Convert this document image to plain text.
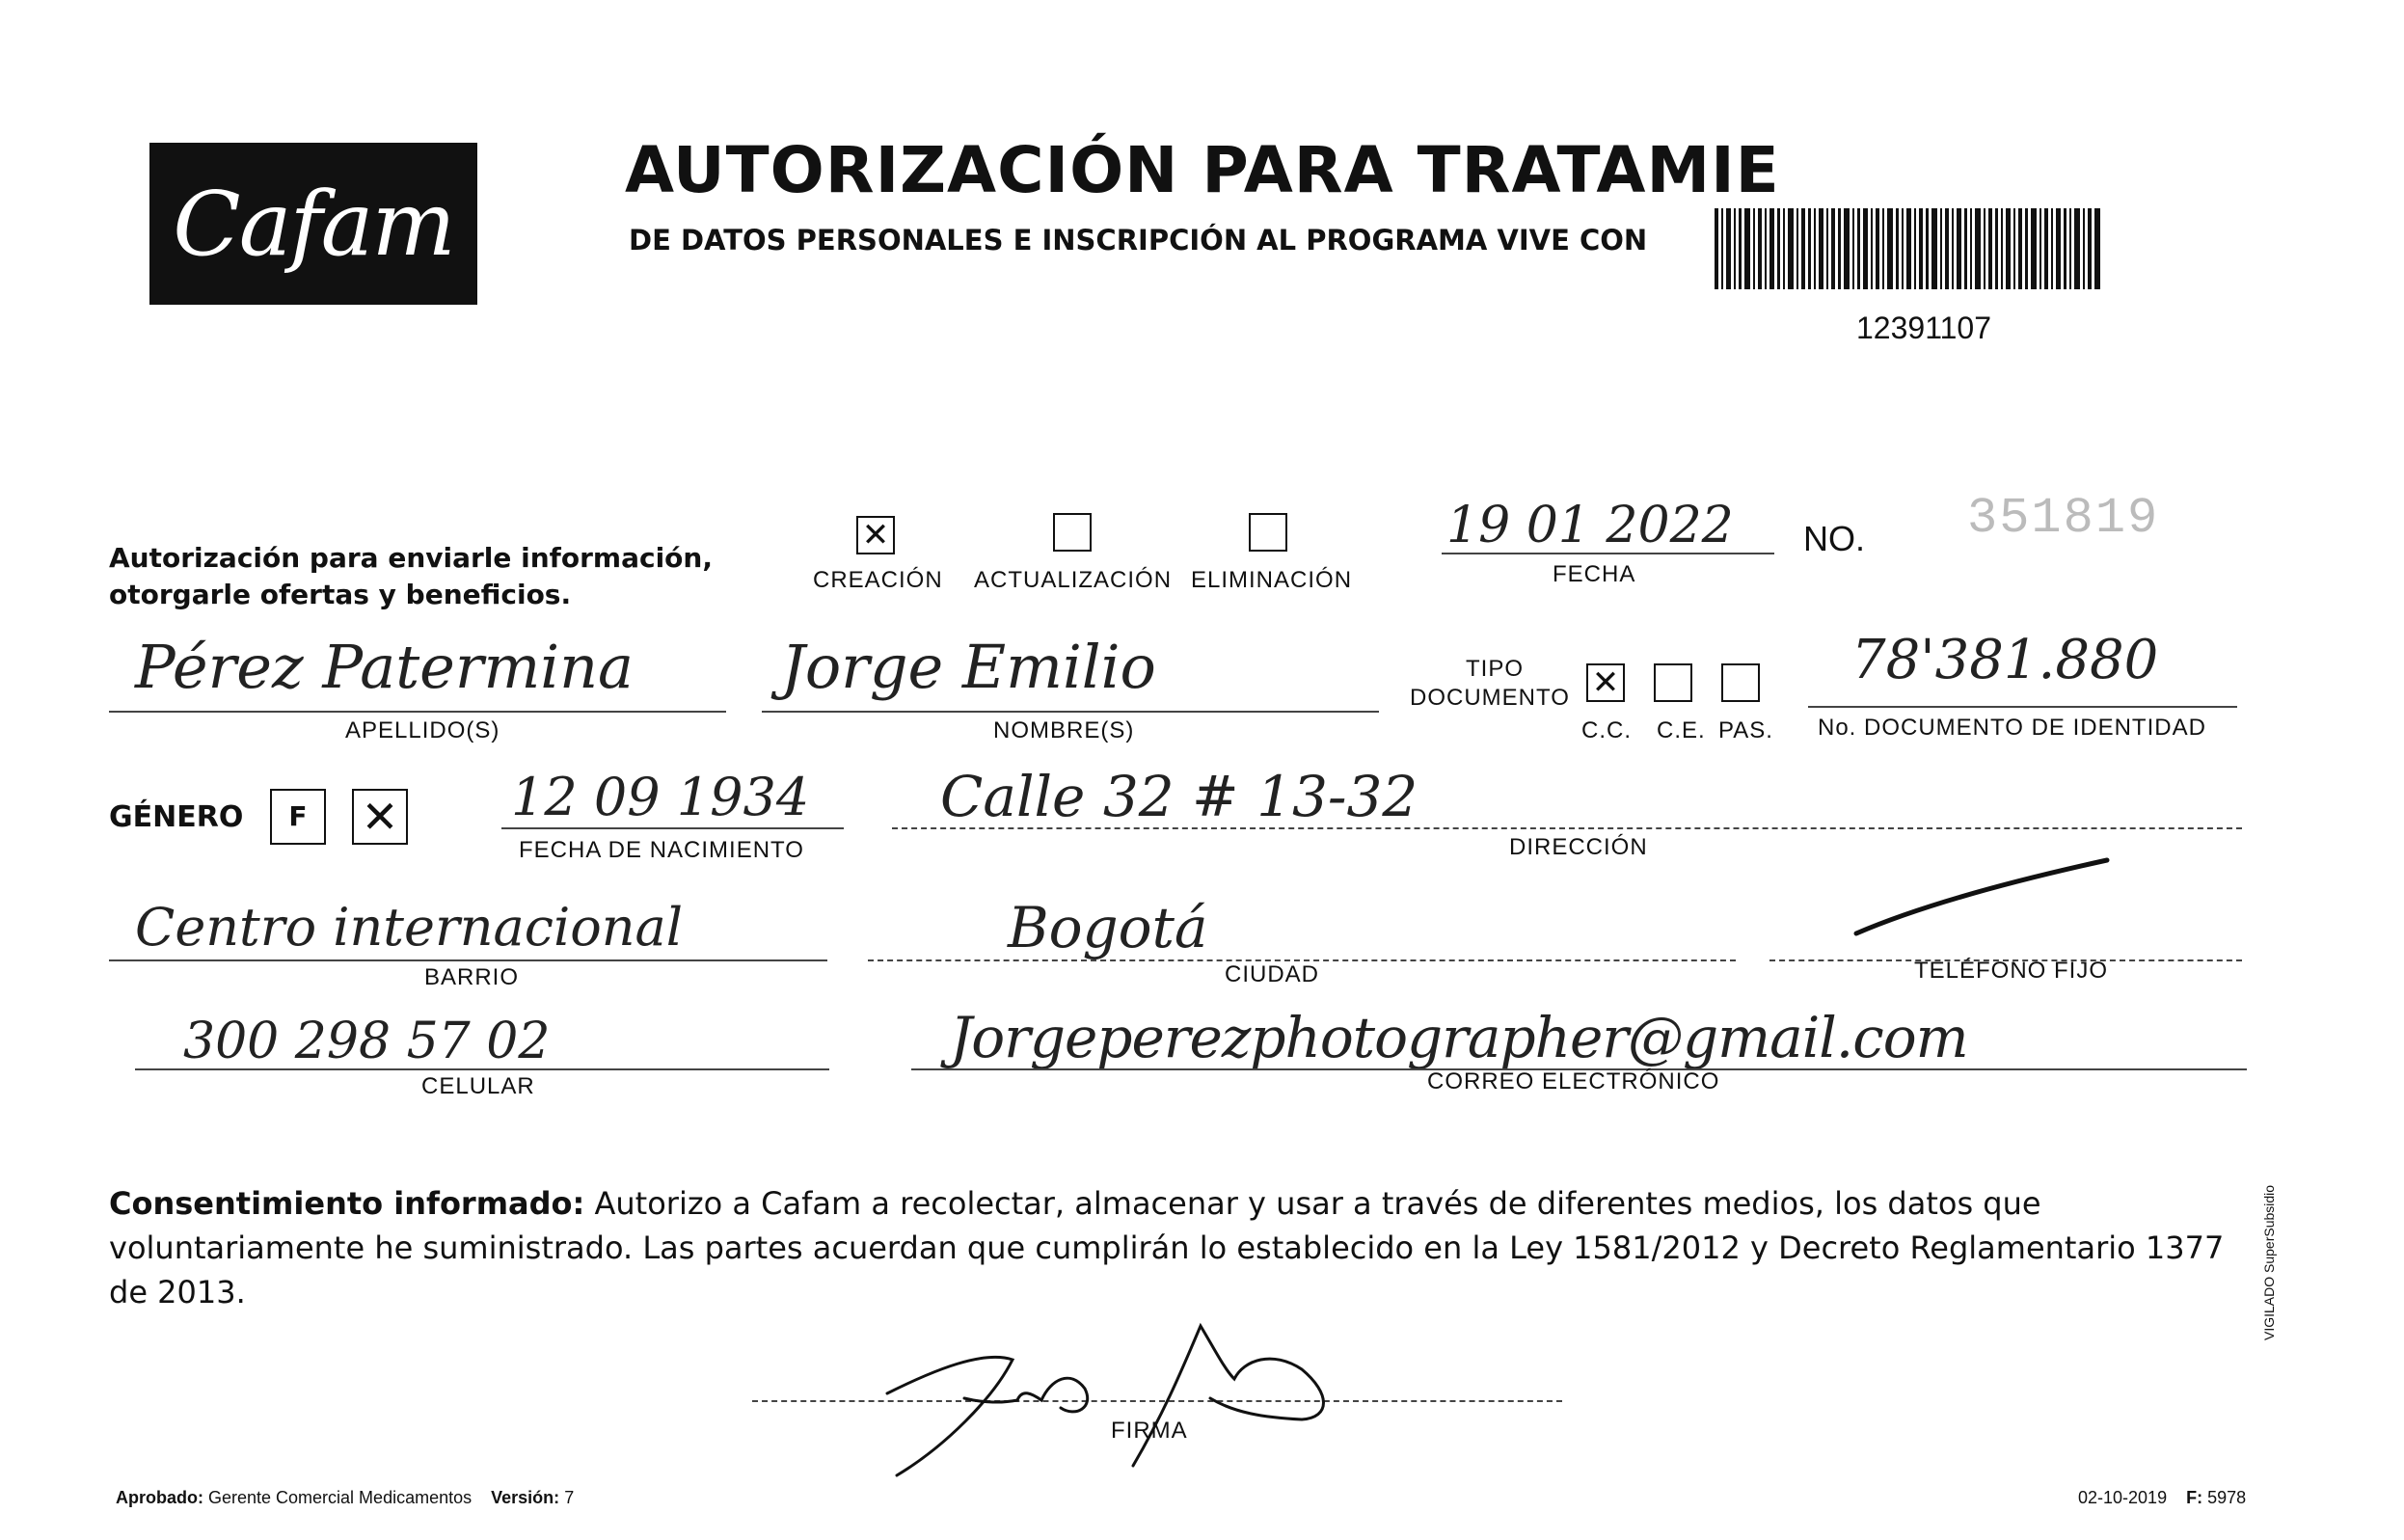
Cafam
AUTORIZACIÓN PARA TRATAMIE
DE DATOS PERSONALES E INSCRIPCIÓN AL PROGRAMA VIVE CON
12391107
Autorización para enviarle información,
otorgarle ofertas y beneficios.
✕
CREACIÓN ACTUALIZACIÓN ELIMINACIÓN
19 01 2022
FECHA
NO. 351819
Pérez Patermina
APELLIDO(S)
Jorge Emilio
NOMBRE(S)
TIPO
DOCUMENTO ✕
C.C. C.E. PAS.
78'381.880
No. DOCUMENTO DE IDENTIDAD
GÉNERO	F	✕ 12 09 1934
FECHA DE NACIMIENTO
Calle 32 # 13-32
DIRECCIÓN
Centro internacional
BARRIO
Bogotá
CIUDAD	TELÉFONO FIJO
300 298 57 02
CELULAR
Jorgeperezphotographer@gmail.com
CORREO ELECTRÓNICO
Consentimiento informado: Autorizo a Cafam a recolectar, almacenar y usar a través de diferentes medios, los datos que voluntariamente he suministrado. Las partes acuerdan que cumplirán lo establecido en la Ley 1581/2012 y Decreto Reglamentario 1377 de 2013.
FIRMA
Aprobado: Gerente Comercial Medicamentos Versión: 7	02-10-2019 F: 5978
VIGILADO SuperSubsidio
